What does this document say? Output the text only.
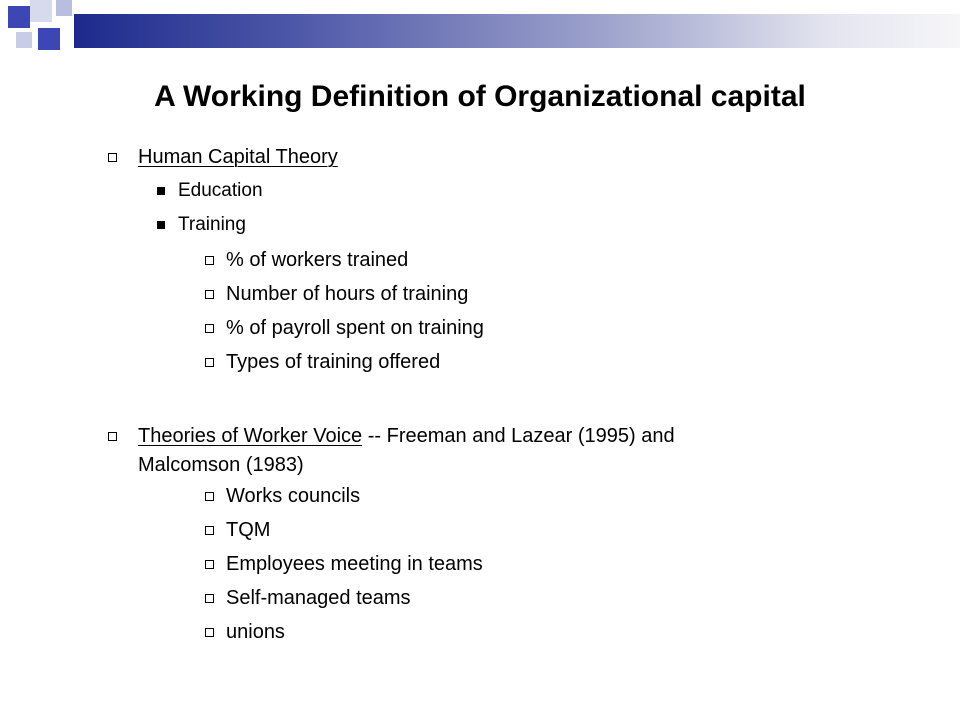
A Working Definition of Organizational capital
Human Capital Theory
Education
Training
% of workers trained
Number of hours of training
% of payroll spent on training
Types of training offered
Theories of Worker Voice -- Freeman and Lazear (1995) and
Malcomson (1983)
Works councils
TQM
Employees meeting in teams
Self-managed teams
unions
